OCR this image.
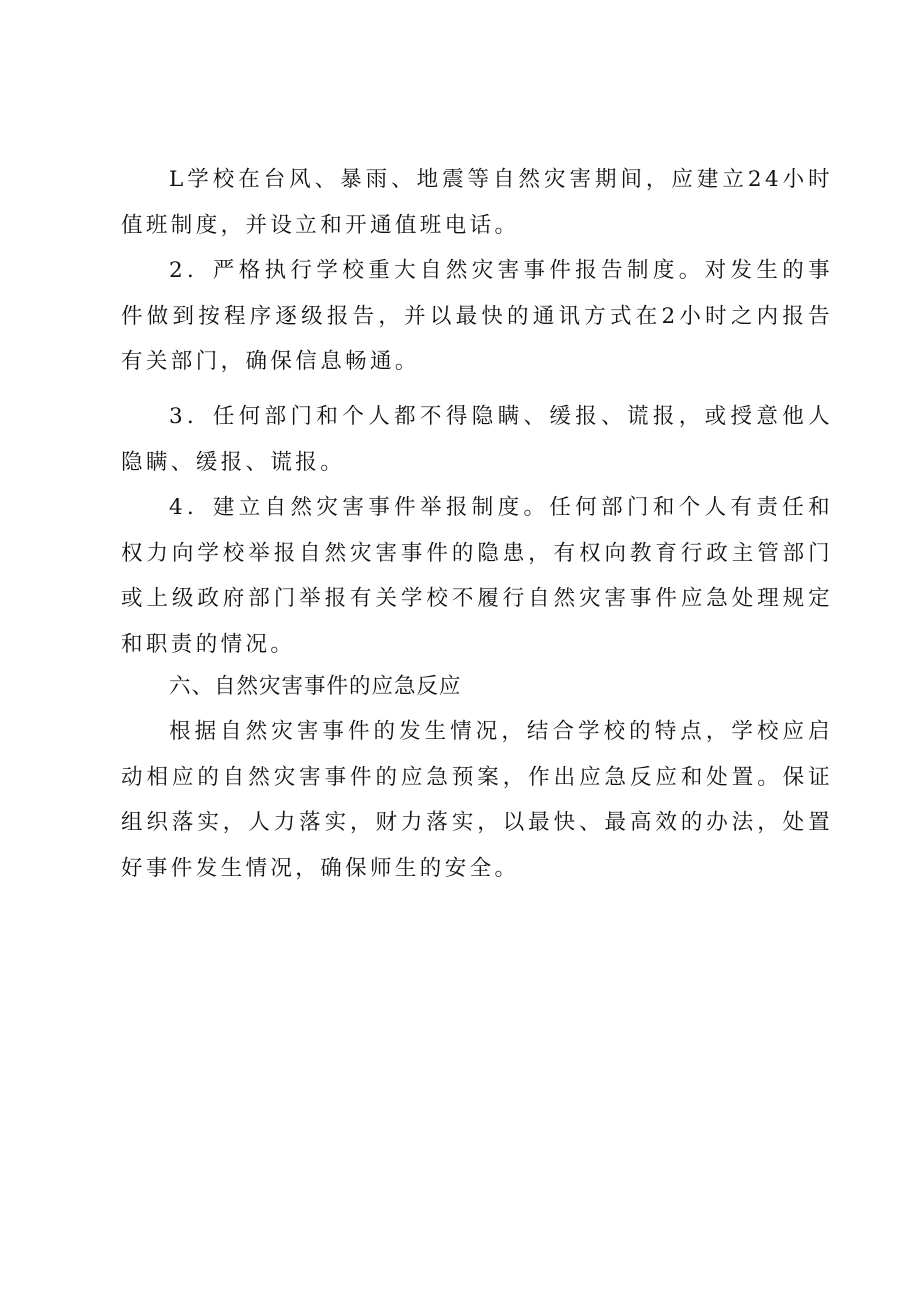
L学校在台风、暴雨、地震等自然灾害期间，应建立24小时值班制度，并设立和开通值班电话。

2．严格执行学校重大自然灾害事件报告制度。对发生的事件做到按程序逐级报告，并以最快的通讯方式在2小时之内报告有关部门，确保信息畅通。

3．任何部门和个人都不得隐瞒、缓报、谎报，或授意他人隐瞒、缓报、谎报。

4．建立自然灾害事件举报制度。任何部门和个人有责任和权力向学校举报自然灾害事件的隐患，有权向教育行政主管部门或上级政府部门举报有关学校不履行自然灾害事件应急处理规定和职责的情况。

六、自然灾害事件的应急反应

根据自然灾害事件的发生情况，结合学校的特点，学校应启动相应的自然灾害事件的应急预案，作出应急反应和处置。保证组织落实，人力落实，财力落实，以最快、最高效的办法，处置好事件发生情况，确保师生的安全。
